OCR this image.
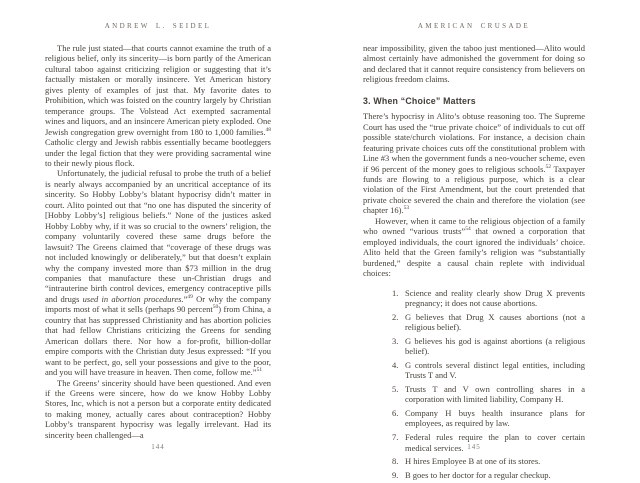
ANDREW L. SEIDEL

The rule just stated—that courts cannot examine the truth of a religious belief, only its sincerity—is born partly of the American cultural taboo against criticizing religion or suggesting that it’s factually mistaken or morally insincere. Yet American history gives plenty of examples of just that. My favorite dates to Prohibition, which was foisted on the country largely by Christian temperance groups. The Volstead Act exempted sacramental wines and liquors, and an insincere American piety exploded. One Jewish congregation grew overnight from 180 to 1,000 families.$^{48}$ Catholic clergy and Jewish rabbis essentially became bootleggers under the legal fiction that they were providing sacramental wine to their newly pious flock.

Unfortunately, the judicial refusal to probe the truth of a belief is nearly always accompanied by an uncritical acceptance of its sincerity. So Hobby Lobby’s blatant hypocrisy didn’t matter in court. Alito pointed out that “no one has disputed the sincerity of [Hobby Lobby’s] religious beliefs.” None of the justices asked Hobby Lobby why, if it was so crucial to the owners’ religion, the company voluntarily covered these same drugs before the lawsuit? The Greens claimed that “coverage of these drugs was not included knowingly or deliberately,” but that doesn’t explain why the company invested more than $73 million in the drug companies that manufacture these un-Christian drugs and “intrauterine birth control devices, emergency contraceptive pills and drugs used in abortion procedures.”$^{49}$ Or why the company imports most of what it sells (perhaps 90 percent$^{50}$) from China, a country that has suppressed Christianity and has abortion policies that had fellow Christians criticizing the Greens for sending American dollars there. Nor how a for-profit, billion-dollar empire comports with the Christian duty Jesus expressed: “If you want to be perfect, go, sell your possessions and give to the poor, and you will have treasure in heaven. Then come, follow me.”$^{51}$

The Greens’ sincerity should have been questioned. And even if the Greens were sincere, how do we know Hobby Lobby Stores, Inc, which is not a person but a corporate entity dedicated to making money, actually cares about contraception? Hobby Lobby’s transparent hypocrisy was legally irrelevant. Had its sincerity been challenged—a

144
AMERICAN CRUSADE

near impossibility, given the taboo just mentioned—Alito would almost certainly have admonished the government for doing so and declared that it cannot require consistency from believers on religious freedom claims.

3. When “Choice” Matters

There’s hypocrisy in Alito’s obtuse reasoning too. The Supreme Court has used the “true private choice” of individuals to cut off possible state/church violations. For instance, a decision chain featuring private choices cuts off the constitutional problem with Line #3 when the government funds a neo-voucher scheme, even if 96 percent of the money goes to religious schools.$^{52}$ Taxpayer funds are flowing to a religious purpose, which is a clear violation of the First Amendment, but the court pretended that private choice severed the chain and therefore the violation (see chapter 16).$^{53}$

However, when it came to the religious objection of a family who owned “various trusts”$^{54}$ that owned a corporation that employed individuals, the court ignored the individuals’ choice. Alito held that the Green family’s religion was “substantially burdened,” despite a causal chain replete with individual choices:

1. Science and reality clearly show Drug X prevents pregnancy; it does not cause abortions.
2. G believes that Drug X causes abortions (not a religious belief).
3. G believes his god is against abortions (a religious belief).
4. G controls several distinct legal entities, including Trusts T and V.
5. Trusts T and V own controlling shares in a corporation with limited liability, Company H.
6. Company H buys health insurance plans for employees, as required by law.
7. Federal rules require the plan to cover certain medical services.
8. H hires Employee B at one of its stores.
9. B goes to her doctor for a regular checkup.
145
